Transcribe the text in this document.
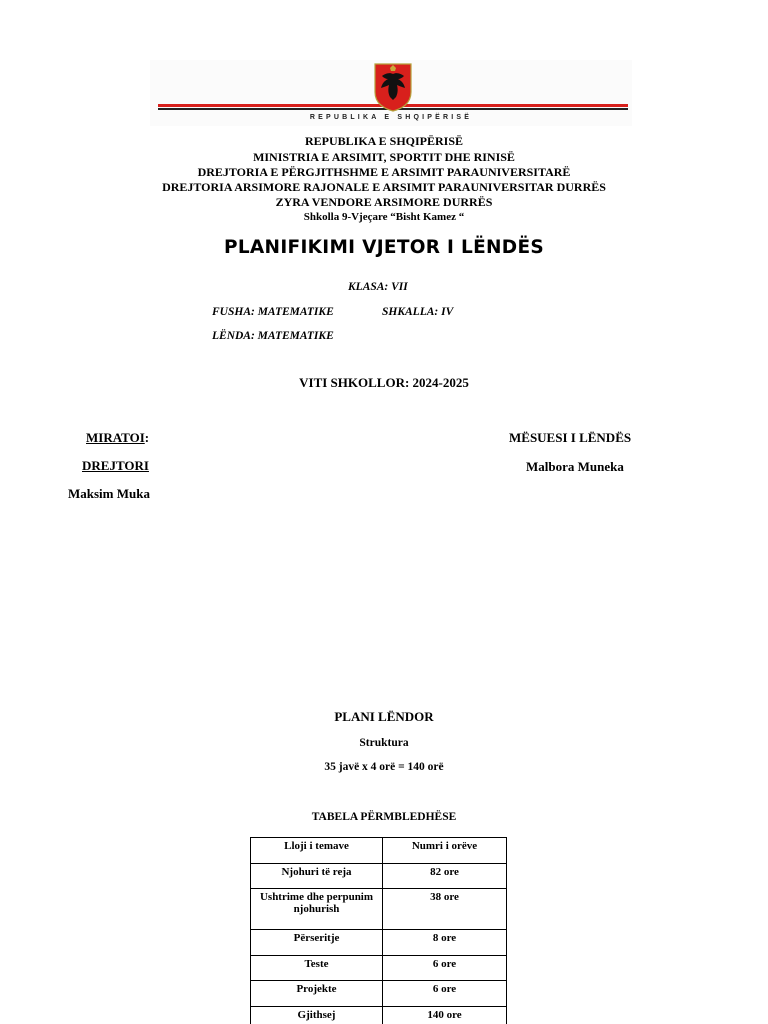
REPUBLIKA E SHQIPËRISË
REPUBLIKA E SHQIPËRISË
MINISTRIA E ARSIMIT, SPORTIT DHE RINISË
DREJTORIA E PËRGJITHSHME E ARSIMIT PARAUNIVERSITARË
DREJTORIA ARSIMORE RAJONALE E ARSIMIT PARAUNIVERSITAR DURRËS
ZYRA VENDORE ARSIMORE DURRËS
Shkolla 9-Vjeçare “Bisht Kamez “
PLANIFIKIMI VJETOR I LËNDËS
KLASA: VII
FUSHA: MATEMATIKE	SHKALLA: IV
LËNDA: MATEMATIKE
VITI SHKOLLOR: 2024-2025
MIRATOI:
DREJTORI
Maksim Muka
MËSUESI I LËNDËS
Malbora Muneka
PLANI LËNDOR
Struktura
35 javë x 4 orë = 140 orë
TABELA PËRMBLEDHËSE
Lloji i temave	Numri i orëve
Njohuri të reja	82 ore
Ushtrime dhe perpunim njohurish	38 ore
Përseritje	8 ore
Teste	6 ore
Projekte	6 ore
Gjithsej	140 ore
